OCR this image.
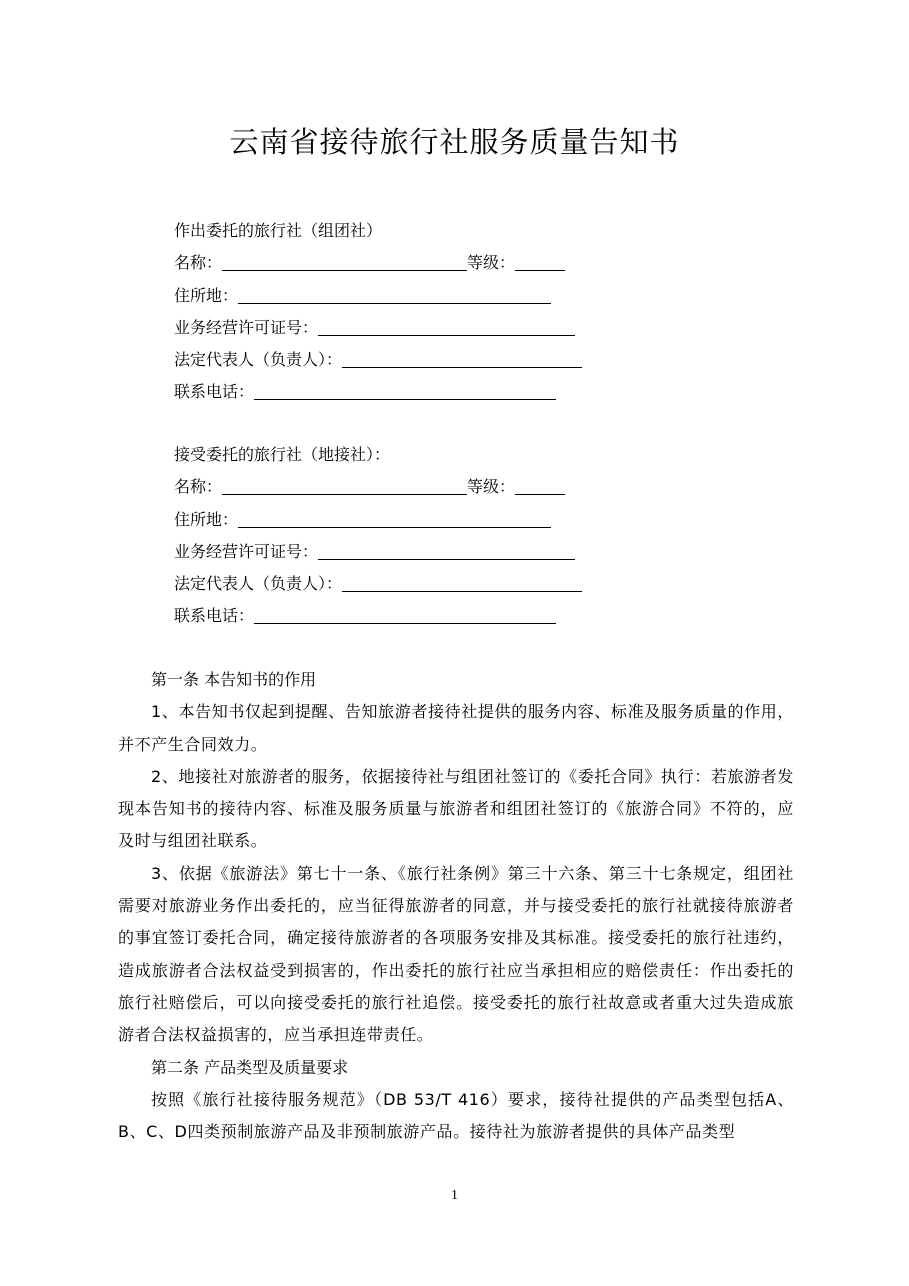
云南省接待旅行社服务质量告知书
作出委托的旅行社（组团社）
名称：	等级：
住所地：
业务经营许可证号：
法定代表人（负责人）：
联系电话：
接受委托的旅行社（地接社）：
名称：	等级：
住所地：
业务经营许可证号：
法定代表人（负责人）：
联系电话：
第一条 本告知书的作用
1、本告知书仅起到提醒、告知旅游者接待社提供的服务内容、标准及服务质量的作用，并不产生合同效力。
2、地接社对旅游者的服务，依据接待社与组团社签订的《委托合同》执行：若旅游者发现本告知书的接待内容、标准及服务质量与旅游者和组团社签订的《旅游合同》不符的，应及时与组团社联系。
3、依据《旅游法》第七十一条、《旅行社条例》第三十六条、第三十七条规定，组团社需要对旅游业务作出委托的，应当征得旅游者的同意，并与接受委托的旅行社就接待旅游者的事宜签订委托合同，确定接待旅游者的各项服务安排及其标准。接受委托的旅行社违约，造成旅游者合法权益受到损害的，作出委托的旅行社应当承担相应的赔偿责任：作出委托的旅行社赔偿后，可以向接受委托的旅行社追偿。接受委托的旅行社故意或者重大过失造成旅游者合法权益损害的，应当承担连带责任。
第二条 产品类型及质量要求
按照《旅行社接待服务规范》（DB 53/T 416）要求，接待社提供的产品类型包括A、B、C、D四类预制旅游产品及非预制旅游产品。接待社为旅游者提供的具体产品类型
1
